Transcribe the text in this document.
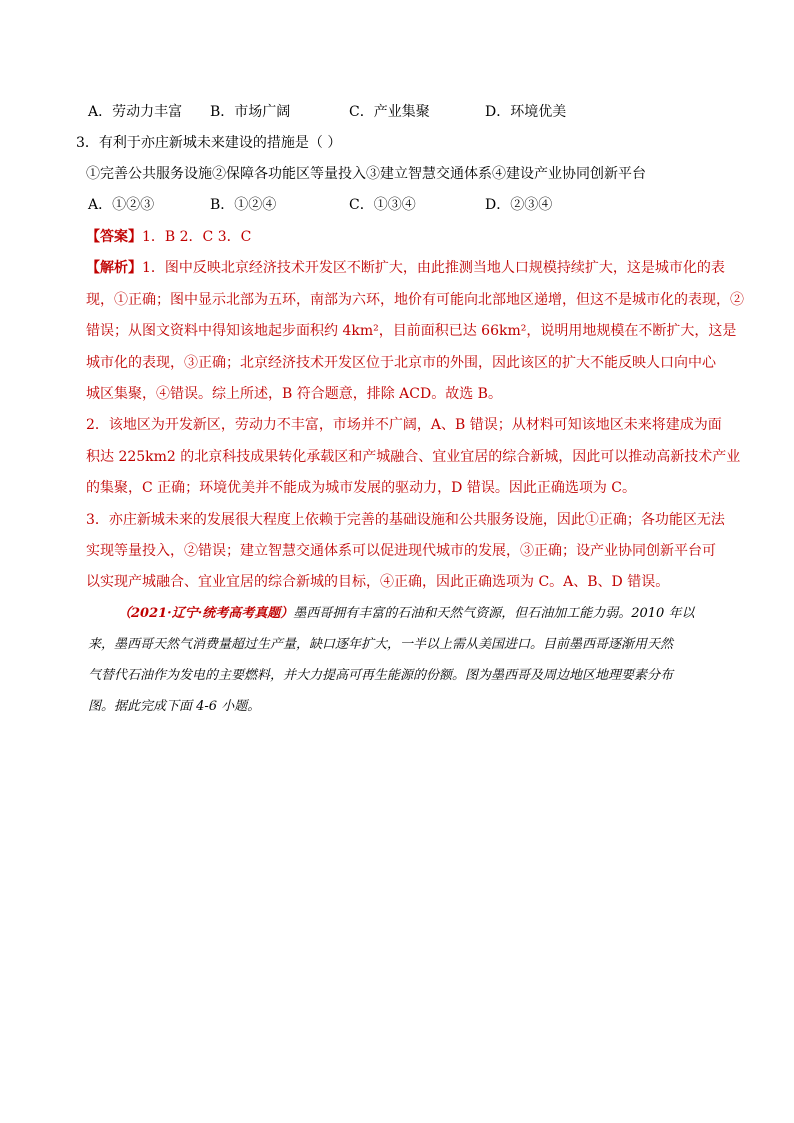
A．劳动力丰富 B．市场广阔	C．产业集聚	D．环境优美
3．有利于亦庄新城未来建设的措施是（ ）
①完善公共服务设施②保障各功能区等量投入③建立智慧交通体系④建设产业协同创新平台
A．①②③	B．①②④	C．①③④	D．②③④
【答案】1．B 2．C 3．C
【解析】1．图中反映北京经济技术开发区不断扩大，由此推测当地人口规模持续扩大，这是城市化的表
现，①正确；图中显示北部为五环，南部为六环，地价有可能向北部地区递增，但这不是城市化的表现，②
错误；从图文资料中得知该地起步面积约 4km²，目前面积已达 66km²，说明用地规模在不断扩大，这是
城市化的表现，③正确；北京经济技术开发区位于北京市的外围，因此该区的扩大不能反映人口向中心
城区集聚，④错误。综上所述，B 符合题意，排除 ACD。故选 B。
2．该地区为开发新区，劳动力不丰富，市场并不广阔，A、B 错误；从材料可知该地区未来将建成为面
积达 225km2 的北京科技成果转化承载区和产城融合、宜业宜居的综合新城，因此可以推动高新技术产业
的集聚，C 正确；环境优美并不能成为城市发展的驱动力，D 错误。因此正确选项为 C。
3．亦庄新城未来的发展很大程度上依赖于完善的基础设施和公共服务设施，因此①正确；各功能区无法
实现等量投入，②错误；建立智慧交通体系可以促进现代城市的发展，③正确；设产业协同创新平台可
以实现产城融合、宜业宜居的综合新城的目标，④正确，因此正确选项为 C。A、B、D 错误。
（2021·辽宁·统考高考真题）墨西哥拥有丰富的石油和天然气资源，但石油加工能力弱。2010 年以
来，墨西哥天然气消费量超过生产量，缺口逐年扩大，一半以上需从美国进口。目前墨西哥逐渐用天然
气替代石油作为发电的主要燃料，并大力提高可再生能源的份额。图为墨西哥及周边地区地理要素分布
图。据此完成下面 4-6 小题。
